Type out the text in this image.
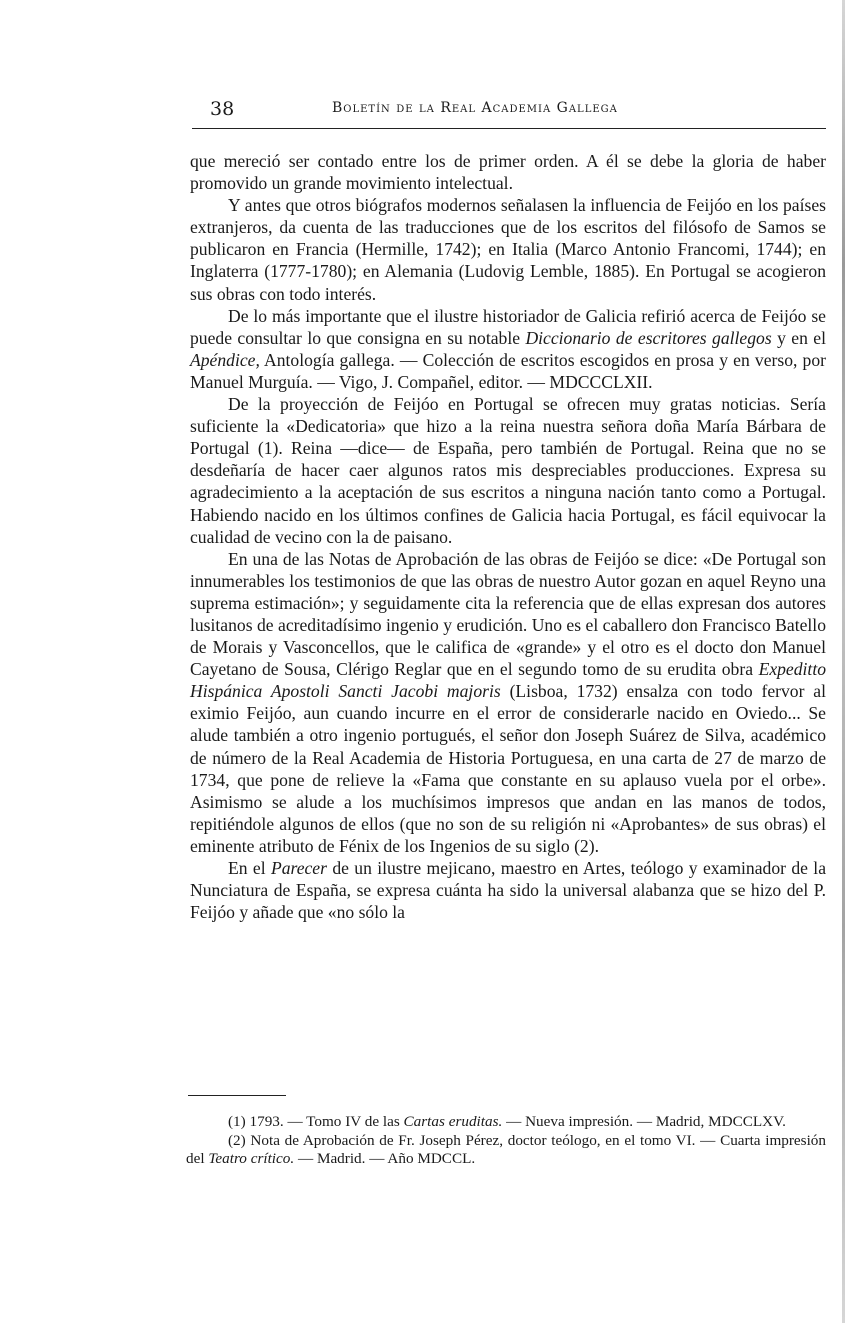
38	Boletín de la Real Academia Gallega

que mereció ser contado entre los de primer orden. A él se debe la gloria de haber promovido un grande movimiento intelectual.

Y antes que otros biógrafos modernos señalasen la influencia de Feijóo en los países extranjeros, da cuenta de las traducciones que de los escritos del filósofo de Samos se publicaron en Francia (Hermille, 1742); en Italia (Marco Antonio Francomi, 1744); en Inglaterra (1777-1780); en Alemania (Ludovig Lemble, 1885). En Portugal se acogieron sus obras con todo interés.

De lo más importante que el ilustre historiador de Galicia refirió acerca de Feijóo se puede consultar lo que consigna en su notable Diccionario de escritores gallegos y en el Apéndice, Antología gallega. — Colección de escritos escogidos en prosa y en verso, por Manuel Murguía. — Vigo, J. Compañel, editor. — MDCCCLXII.

De la proyección de Feijóo en Portugal se ofrecen muy gratas noticias. Sería suficiente la «Dedicatoria» que hizo a la reina nuestra señora doña María Bárbara de Portugal (1). Reina —dice— de España, pero también de Portugal. Reina que no se desdeñaría de hacer caer algunos ratos mis despreciables producciones. Expresa su agradecimiento a la aceptación de sus escritos a ninguna nación tanto como a Portugal. Habiendo nacido en los últimos confines de Galicia hacia Portugal, es fácil equivocar la cualidad de vecino con la de paisano.

En una de las Notas de Aprobación de las obras de Feijóo se dice: «De Portugal son innumerables los testimonios de que las obras de nuestro Autor gozan en aquel Reyno una suprema estimación»; y seguidamente cita la referencia que de ellas expresan dos autores lusitanos de acreditadísimo ingenio y erudición. Uno es el caballero don Francisco Batello de Morais y Vasconcellos, que le califica de «grande» y el otro es el docto don Manuel Cayetano de Sousa, Clérigo Reglar que en el segundo tomo de su erudita obra Expeditto Hispánica Apostoli Sancti Jacobi majoris (Lisboa, 1732) ensalza con todo fervor al eximio Feijóo, aun cuando incurre en el error de considerarle nacido en Oviedo... Se alude también a otro ingenio portugués, el señor don Joseph Suárez de Silva, académico de número de la Real Academia de Historia Portuguesa, en una carta de 27 de marzo de 1734, que pone de relieve la «Fama que constante en su aplauso vuela por el orbe». Asimismo se alude a los muchísimos impresos que andan en las manos de todos, repitiéndole algunos de ellos (que no son de su religión ni «Aprobantes» de sus obras) el eminente atributo de Fénix de los Ingenios de su siglo (2).

En el Parecer de un ilustre mejicano, maestro en Artes, teólogo y examinador de la Nunciatura de España, se expresa cuánta ha sido la universal alabanza que se hizo del P. Feijóo y añade que «no sólo la

(1) 1793. — Tomo IV de las Cartas eruditas. — Nueva impresión. — Madrid, MDCCLXV.

(2) Nota de Aprobación de Fr. Joseph Pérez, doctor teólogo, en el tomo VI. — Cuarta impresión del Teatro crítico. — Madrid. — Año MDCCL.
